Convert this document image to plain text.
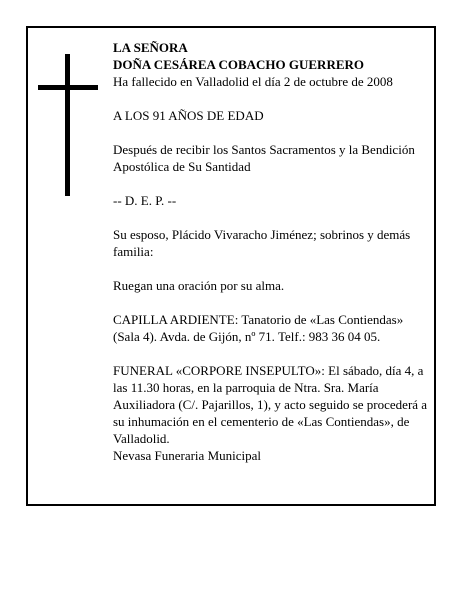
LA SEÑORA

DOÑA CESÁREA COBACHO GUERRERO

Ha fallecido en Valladolid el día 2 de octubre de 2008

A LOS 91 AÑOS DE EDAD

Después de recibir los Santos Sacramentos y la Bendición Apostólica de Su Santidad

-- D. E. P. --

Su esposo, Plácido Vivaracho Jiménez; sobrinos y demás familia:

Ruegan una oración por su alma.

CAPILLA ARDIENTE: Tanatorio de «Las Contiendas» (Sala 4). Avda. de Gijón, nº 71. Telf.: 983 36 04 05.

FUNERAL «CORPORE INSEPULTO»: El sábado, día 4, a las 11.30 horas, en la parroquia de Ntra. Sra. María Auxiliadora (C/. Pajarillos, 1), y acto seguido se procederá a su inhumación en el cementerio de «Las Contiendas», de Valladolid.

Nevasa Funeraria Municipal
